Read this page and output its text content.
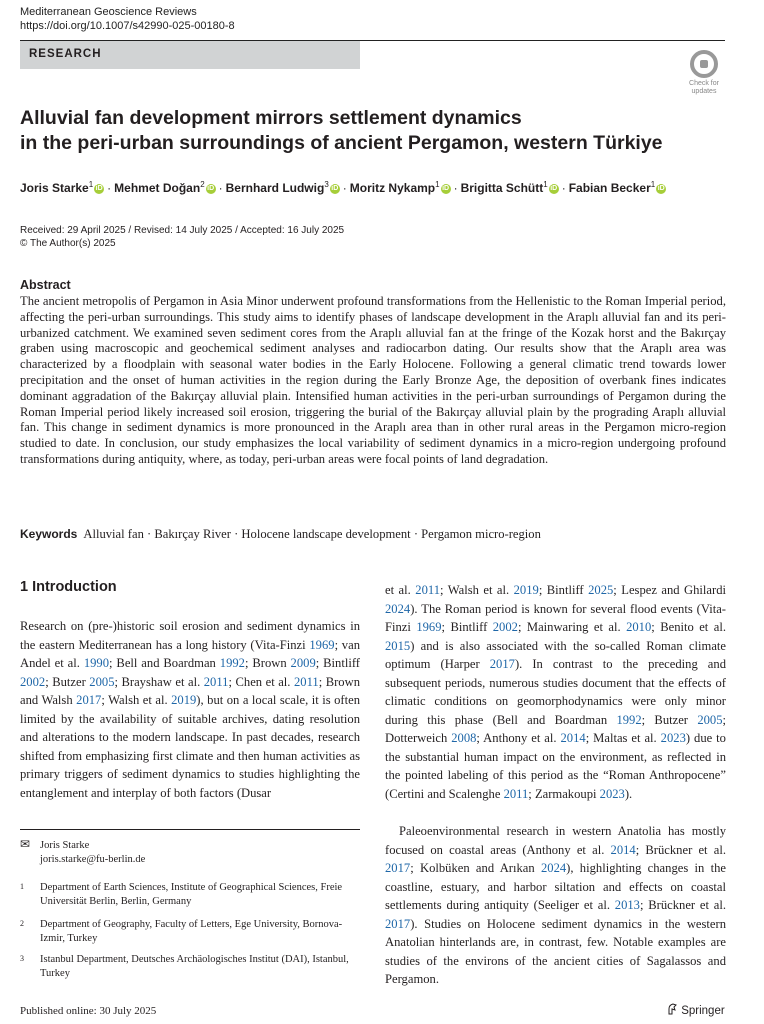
Mediterranean Geoscience Reviews
https://doi.org/10.1007/s42990-025-00180-8
RESEARCH
Check for
updates
Alluvial fan development mirrors settlement dynamics
in the peri-urban surroundings of ancient Pergamon, western Türkiye
Joris Starke$^1$ iD · Mehmet Doğan$^2$ iD · Bernhard Ludwig$^3$ iD · Moritz Nykamp$^1$ iD · Brigitta Schütt$^1$ iD · Fabian Becker$^1$ iD
Received: 29 April 2025 / Revised: 14 July 2025 / Accepted: 16 July 2025
© The Author(s) 2025
Abstract

The ancient metropolis of Pergamon in Asia Minor underwent profound transformations from the Hellenistic to the Roman Imperial period, affecting the peri-urban surroundings. This study aims to identify phases of landscape development in the Araplı alluvial fan and its peri-urbanized catchment. We examined seven sediment cores from the Araplı alluvial fan at the fringe of the Kozak horst and the Bakırçay graben using macroscopic and geochemical sediment analyses and radiocarbon dating. Our results show that the Araplı area was characterized by a floodplain with seasonal water bodies in the Early Holocene. Following a general climatic trend towards lower precipitation and the onset of human activities in the region during the Early Bronze Age, the deposition of overbank fines indicates dominant aggradation of the Bakırçay alluvial plain. Intensified human activities in the peri-urban surroundings of Pergamon during the Roman Imperial period likely increased soil erosion, triggering the burial of the Bakırçay alluvial plain by the prograding Araplı alluvial fan. This change in sediment dynamics is more pronounced in the Araplı area than in other rural areas in the Pergamon micro-region studied to date. In conclusion, our study emphasizes the local variability of sediment dynamics in a micro-region undergoing profound transformations during antiquity, where, as today, peri-urban areas were focal points of land degradation.

Keywords Alluvial fan · Bakırçay River · Holocene landscape development · Pergamon micro-region
1 Introduction

Research on (pre-)historic soil erosion and sediment dynamics in the eastern Mediterranean has a long history (Vita-Finzi 1969; van Andel et al. 1990; Bell and Boardman 1992; Brown 2009; Bintliff 2002; Butzer 2005; Brayshaw et al. 2011; Chen et al. 2011; Brown and Walsh 2017; Walsh et al. 2019), but on a local scale, it is often limited by the availability of suitable archives, dating resolution and alterations to the modern landscape. In past decades, research shifted from emphasizing first climate and then human activities as primary triggers of sediment dynamics to studies highlighting the entanglement and interplay of both factors (Dusar

et al. 2011; Walsh et al. 2019; Bintliff 2025; Lespez and Ghilardi 2024). The Roman period is known for several flood events (Vita-Finzi 1969; Bintliff 2002; Mainwaring et al. 2010; Benito et al. 2015) and is also associated with the so-called Roman climate optimum (Harper 2017). In contrast to the preceding and subsequent periods, numerous studies document that the effects of climatic conditions on geomorphodynamics were only minor during this phase (Bell and Boardman 1992; Butzer 2005; Dotterweich 2008; Anthony et al. 2014; Maltas et al. 2023) due to the substantial human impact on the environment, as reflected in the pointed labeling of this period as the “Roman Anthropocene” (Certini and Scalenghe 2011; Zarmakoupi 2023).

Paleoenvironmental research in western Anatolia has mostly focused on coastal areas (Anthony et al. 2014; Brückner et al. 2017; Kolbüken and Arıkan 2024), highlighting changes in the coastline, estuary, and harbor siltation and effects on coastal settlements during antiquity (Seeliger et al. 2013; Brückner et al. 2017). Studies on Holocene sediment dynamics in the western Anatolian hinterlands are, in contrast, few. Notable examples are studies of the environs of the ancient cities of Sagalassos and Pergamon.

✉ Joris Starke
joris.starke@fu-berlin.de
1 Department of Earth Sciences, Institute of Geographical Sciences, Freie Universität Berlin, Berlin, Germany
2 Department of Geography, Faculty of Letters, Ege University, Bornova-Izmir, Turkey
3 Istanbul Department, Deutsches Archäologisches Institut (DAI), Istanbul, Turkey
Published online: 30 July 2025	Springer
